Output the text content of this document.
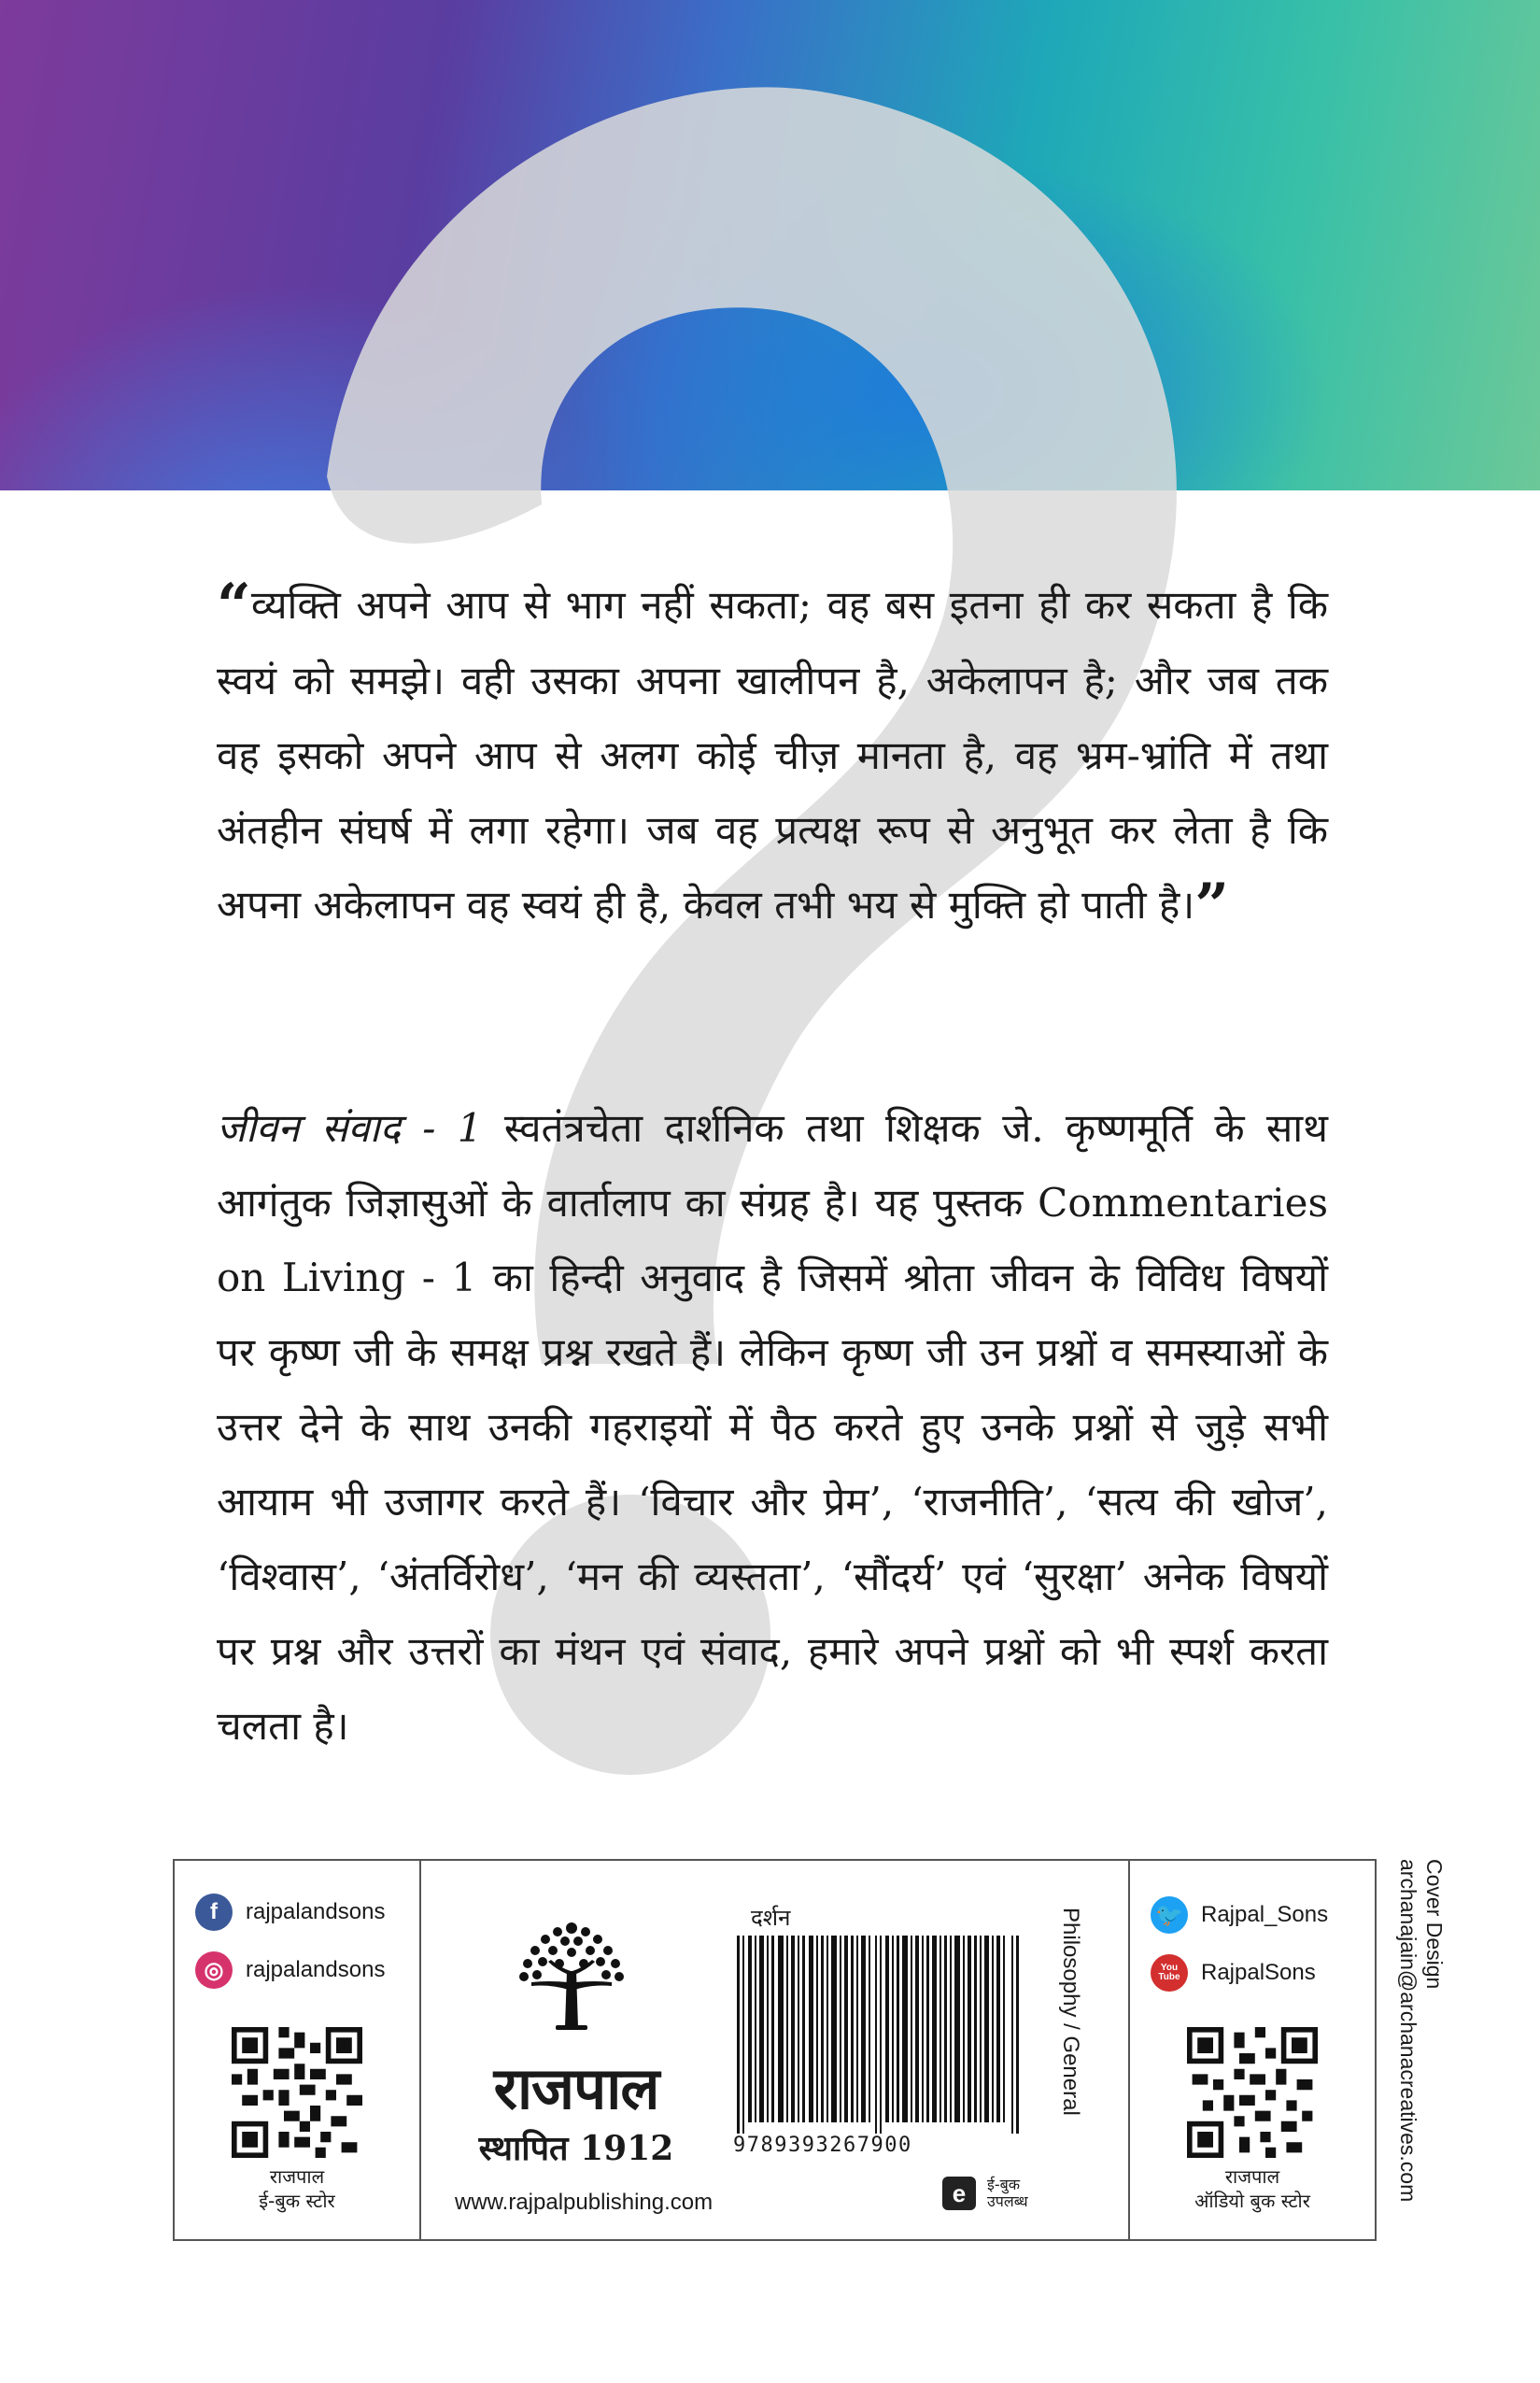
“व्यक्ति अपने आप से भाग नहीं सकता; वह बस इतना ही कर सकता है कि स्वयं को समझे। वही उसका अपना खालीपन है, अकेलापन है; और जब तक वह इसको अपने आप से अलग कोई चीज़ मानता है, वह भ्रम-भ्रांति में तथा अंतहीन संघर्ष में लगा रहेगा। जब वह प्रत्यक्ष रूप से अनुभूत कर लेता है कि अपना अकेलापन वह स्वयं ही है, केवल तभी भय से मुक्ति हो पाती है।”
जीवन संवाद - 1 स्वतंत्रचेता दार्शनिक तथा शिक्षक जे. कृष्णमूर्ति के साथ आगंतुक जिज्ञासुओं के वार्तालाप का संग्रह है। यह पुस्तक Commentaries on Living - 1 का हिन्दी अनुवाद है जिसमें श्रोता जीवन के विविध विषयों पर कृष्ण जी के समक्ष प्रश्न रखते हैं। लेकिन कृष्ण जी उन प्रश्नों व समस्याओं के उत्तर देने के साथ उनकी गहराइयों में पैठ करते हुए उनके प्रश्नों से जुड़े सभी आयाम भी उजागर करते हैं। ‘विचार और प्रेम’, ‘राजनीति’, ‘सत्य की खोज’, ‘विश्वास’, ‘अंतर्विरोध’, ‘मन की व्यस्तता’, ‘सौंदर्य’ एवं ‘सुरक्षा’ अनेक विषयों पर प्रश्न और उत्तरों का मंथन एवं संवाद, हमारे अपने प्रश्नों को भी स्पर्श करता चलता है।
f	rajpalandsons
◎ rajpalandsons
राजपाल
ई-बुक स्टोर
राजपाल
स्थापित 1912
www.rajpalpublishing.com
दर्शन
9789393267900
Philosophy / General
e	ई-बुक
उपलब्ध
🐦 Rajpal_Sons
You Tube RajpalSons
राजपाल
ऑडियो बुक स्टोर
Cover Design
archanajain@archanacreatives.com
